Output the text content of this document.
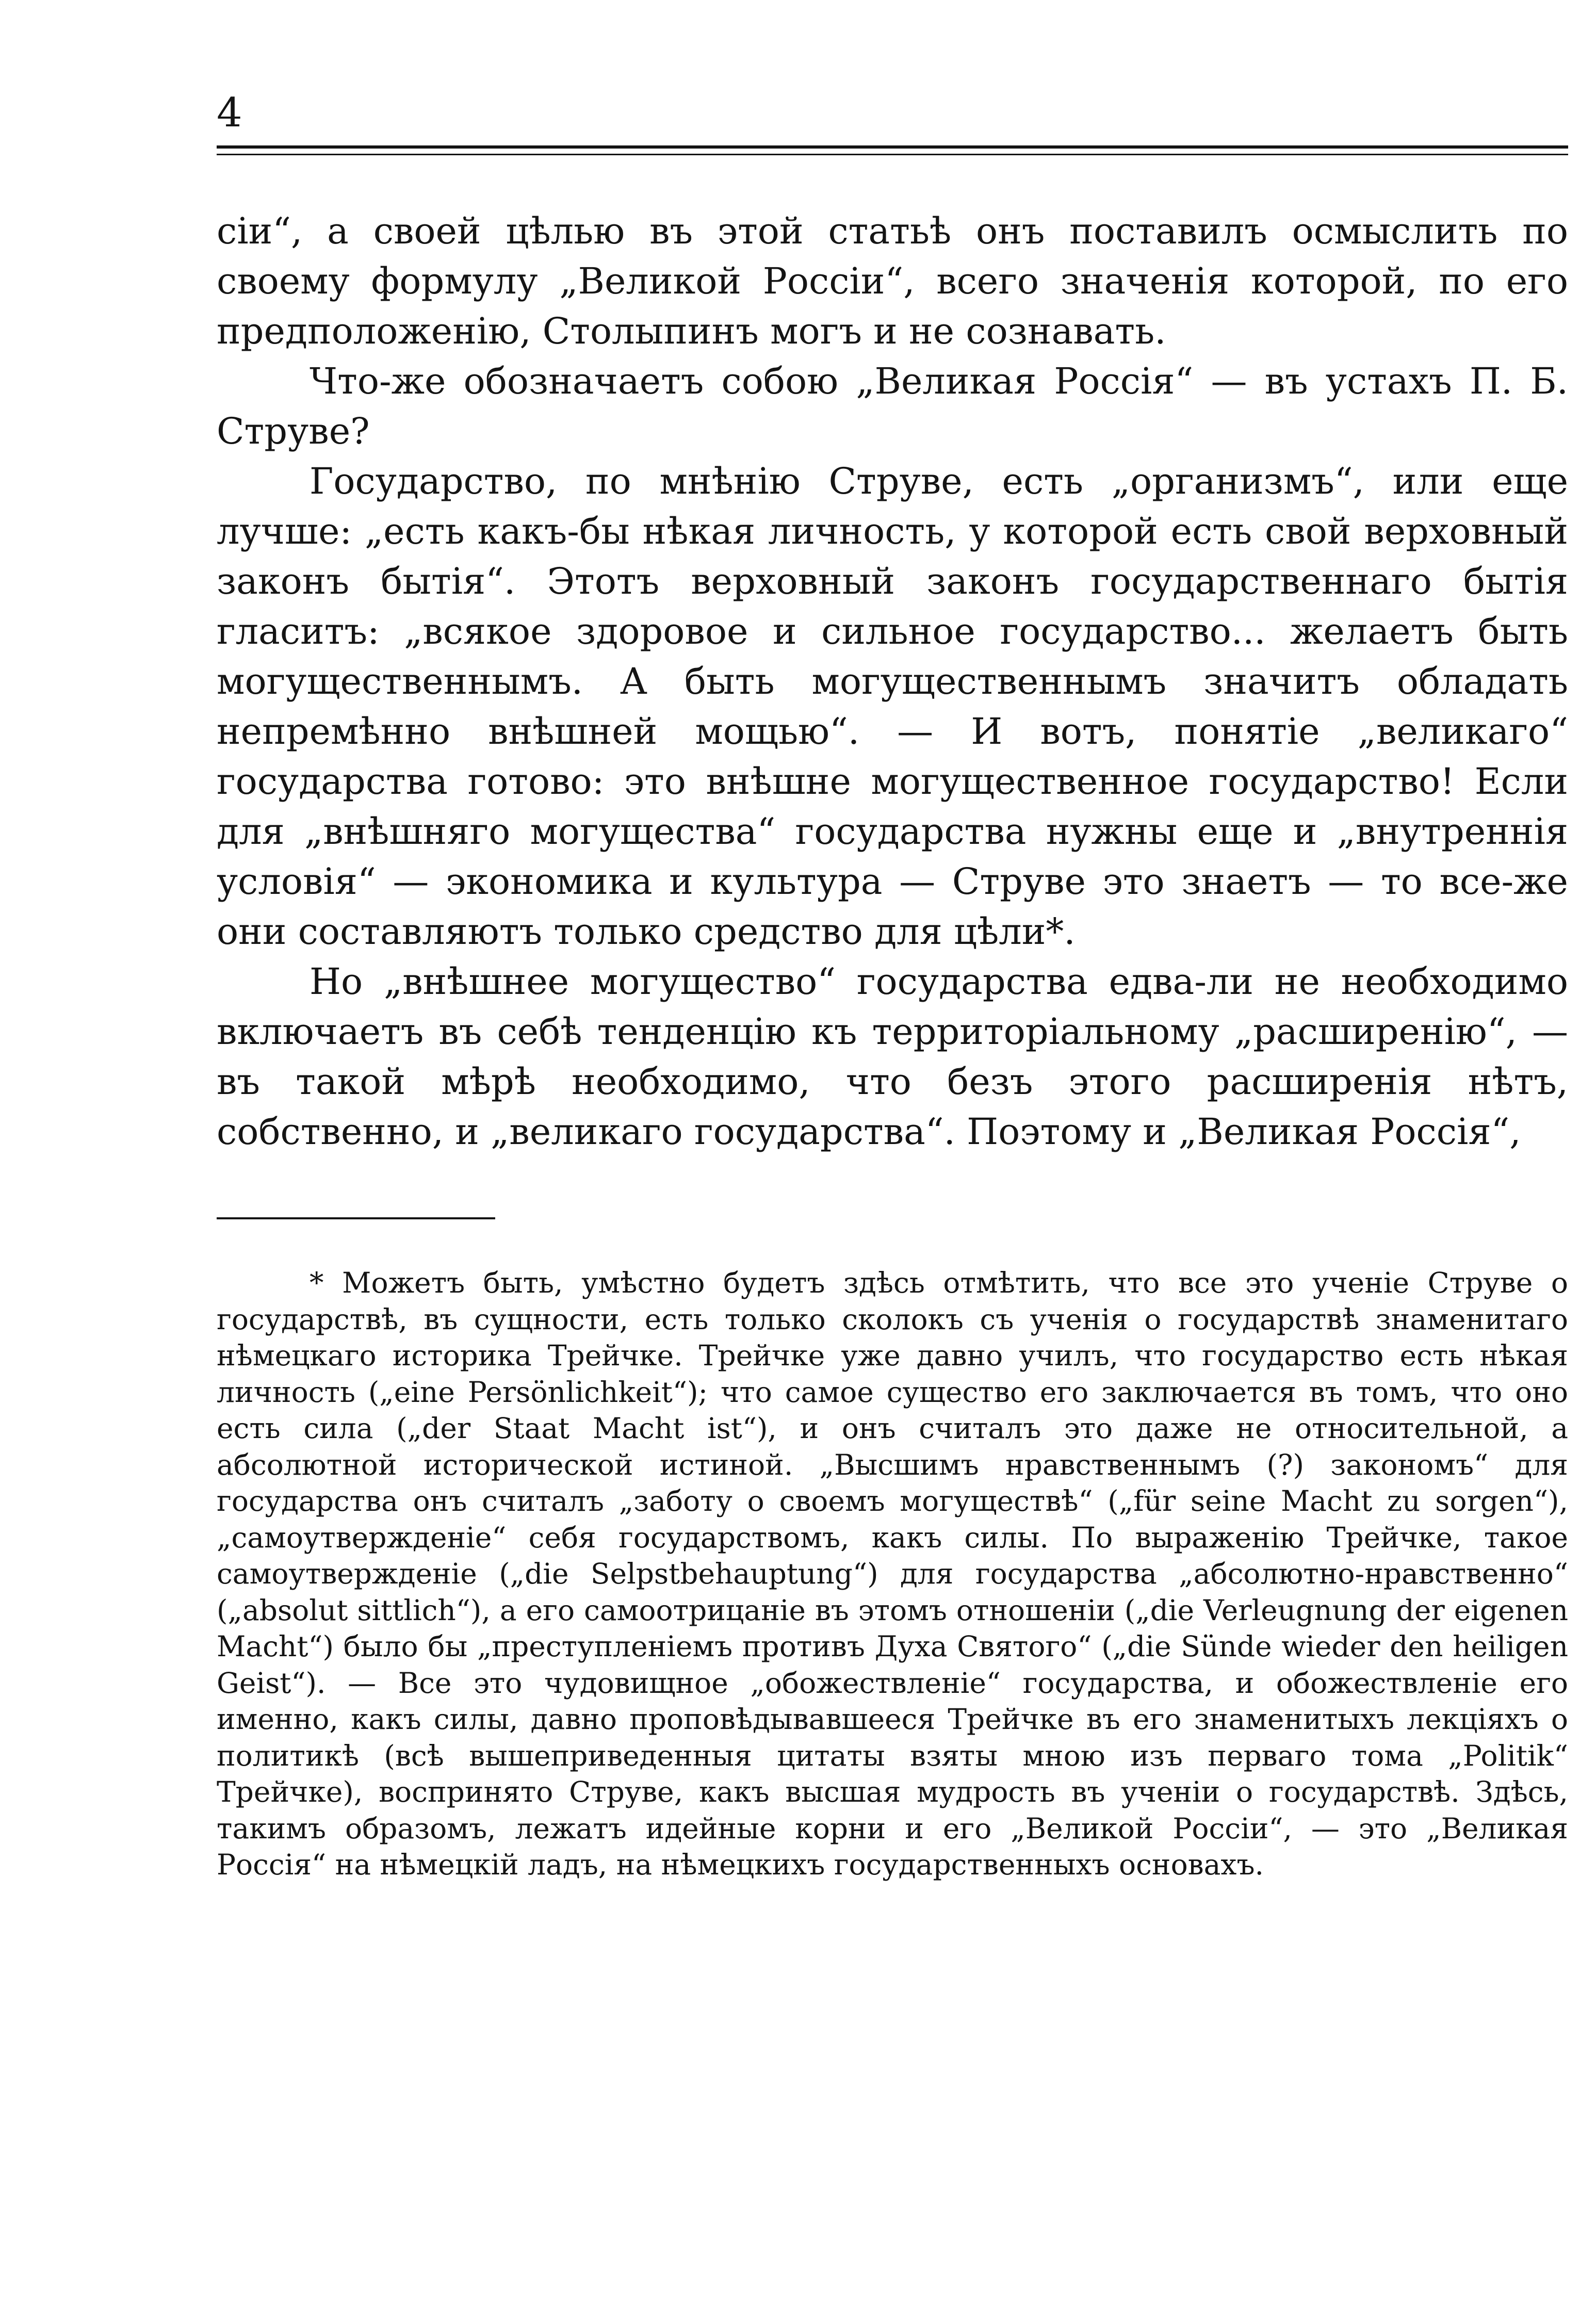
4

сіи“, а своей цѣлью въ этой статьѣ онъ поставилъ осмыслить по своему формулу „Великой Россіи“, всего значенія которой, по его предположенію, Столыпинъ могъ и не сознавать.

Что-же обозначаетъ собою „Великая Россія“ — въ устахъ П. Б. Струве?

Государство, по мнѣнію Струве, есть „организмъ“, или еще лучше: „есть какъ-бы нѣкая личность, у которой есть свой верховный законъ бытія“. Этотъ верховный законъ государственнаго бытія гласитъ: „всякое здоровое и сильное государство... желаетъ быть могущественнымъ. А быть могущественнымъ значитъ обладать непремѣнно внѣшней мощью“. — И вотъ, понятіе „великаго“ государства готово: это внѣшне могущественное государство! Если для „внѣшняго могущества“ государства нужны еще и „внутреннія условія“ — экономика и культура — Струве это знаетъ — то все-же они составляютъ только средство для цѣли*.

Но „внѣшнее могущество“ государства едва-ли не необходимо включаетъ въ себѣ тенденцію къ территоріальному „расширенію“, — въ такой мѣрѣ необходимо, что безъ этого расширенія нѣтъ, собственно, и „великаго государства“. Поэтому и „Великая Россія“,

* Можетъ быть, умѣстно будетъ здѣсь отмѣтить, что все это ученіе Струве о государствѣ, въ сущности, есть только сколокъ съ ученія о государствѣ знаменитаго нѣмецкаго историка Трейчке. Трейчке уже давно училъ, что государство есть нѣкая личность („eine Persönlichkeit“); что самое существо его заключается въ томъ, что оно есть сила („der Staat Macht ist“), и онъ считалъ это даже не относительной, а абсолютной исторической истиной. „Высшимъ нравственнымъ (?) закономъ“ для государства онъ считалъ „заботу о своемъ могуществѣ“ („für seine Macht zu sorgen“), „самоутвержденіе“ себя государствомъ, какъ силы. По выраженію Трейчке, такое самоутвержденіе („die Selpstbehauptung“) для государства „абсолютно-нравственно“ („absolut sittlich“), а его самоотрицаніе въ этомъ отношеніи („die Verleugnung der eigenen Macht“) было бы „преступленіемъ противъ Духа Святого“ („die Sünde wieder den heiligen Geist“). — Все это чудовищное „обожествленіе“ государства, и обожествленіе его именно, какъ силы, давно проповѣдывавшееся Трейчке въ его знаменитыхъ лекціяхъ о политикѣ (всѣ вышеприведенныя цитаты взяты мною изъ перваго тома „Politik“ Трейчке), воспринято Струве, какъ высшая мудрость въ ученіи о государствѣ. Здѣсь, такимъ образомъ, лежатъ идейные корни и его „Великой Россіи“, — это „Великая Россія“ на нѣмецкій ладъ, на нѣмецкихъ государственныхъ основахъ.
